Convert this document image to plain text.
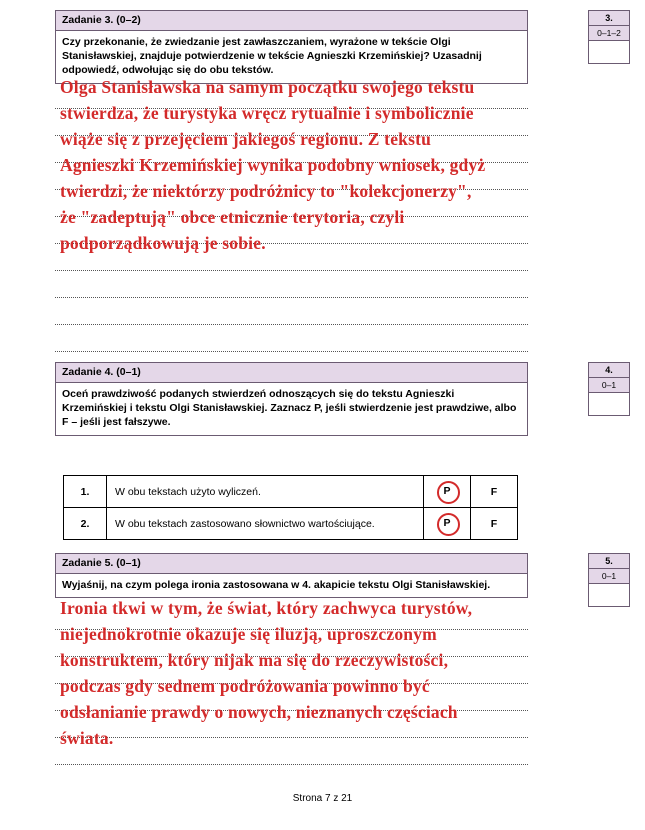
Zadanie 3. (0–2)
Czy przekonanie, że zwiedzanie jest zawłaszczaniem, wyrażone w tekście Olgi Stanisławskiej, znajduje potwierdzenie w tekście Agnieszki Krzemińskiej? Uzasadnij odpowiedź, odwołując się do obu tekstów.
3.
0–1–2
Olga Stanisławska na samym początku swojego tekstu
stwierdza, że turystyka wręcz rytualnie i symbolicznie
wiąże się z przejęciem jakiegoś regionu. Z tekstu
Agnieszki Krzemińskiej wynika podobny wniosek, gdyż
twierdzi, że niektórzy podróżnicy to "kolekcjonerzy",
że "zadeptują" obce etnicznie terytoria, czyli
podporządkowują je sobie.
Zadanie 4. (0–1)
Oceń prawdziwość podanych stwierdzeń odnoszących się do tekstu Agnieszki Krzemińskiej i tekstu Olgi Stanisławskiej. Zaznacz P, jeśli stwierdzenie jest prawdziwe, albo F – jeśli jest fałszywe.
4.
0–1
1.	W obu tekstach użyto wyliczeń.	P	F
2.	W obu tekstach zastosowano słownictwo wartościujące.	P	F
Zadanie 5. (0–1)
Wyjaśnij, na czym polega ironia zastosowana w 4. akapicie tekstu Olgi Stanisławskiej.
5.
0–1
Ironia tkwi w tym, że świat, który zachwyca turystów,
niejednokrotnie okazuje się iluzją, uproszczonym
konstruktem, który nijak ma się do rzeczywistości,
podczas gdy sednem podróżowania powinno być
odsłanianie prawdy o nowych, nieznanych częściach
świata.
Strona 7 z 21
